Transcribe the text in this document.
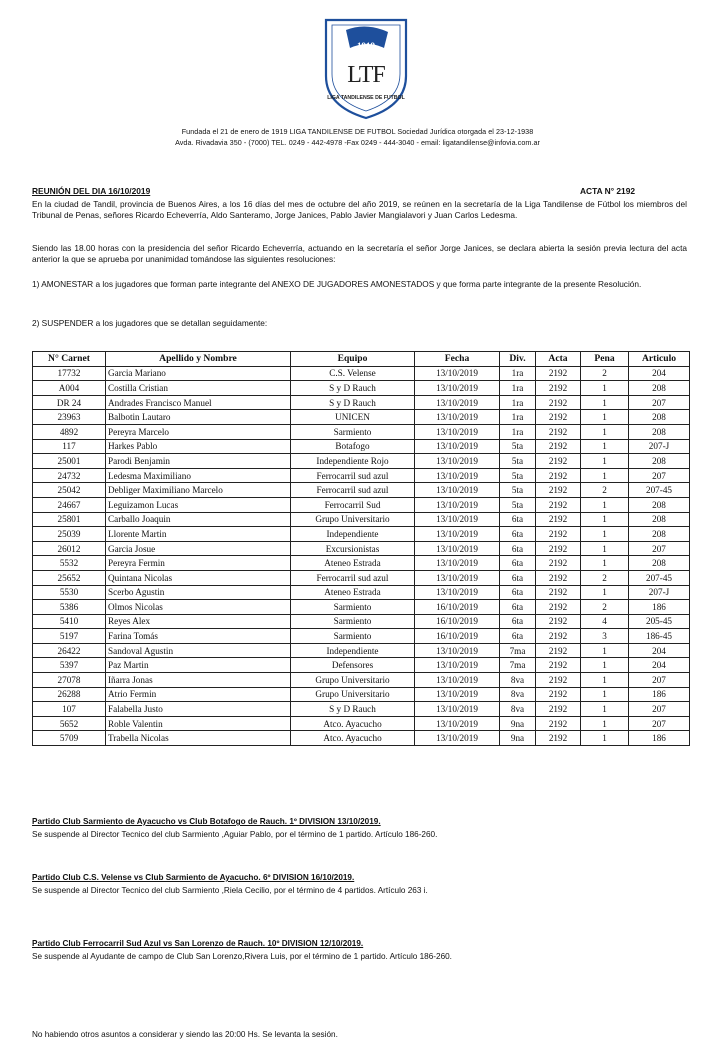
1919
LTF
LIGA TANDILENSE DE FUTBOL
Fundada el 21 de enero de 1919 LIGA TANDILENSE DE FUTBOL Sociedad Jurídica otorgada el 23-12-1938
Avda. Rivadavia 350 - (7000) TEL. 0249 - 442-4978 -Fax 0249 - 444-3040 - email: ligatandilense@infovia.com.ar
REUNIÓN DEL DIA 16/10/2019	ACTA N° 2192
En la ciudad de Tandil, provincia de Buenos Aires, a los 16 días del mes de octubre del año 2019, se reúnen en la secretaría de la Liga Tandilense de Fútbol los miembros del Tribunal de Penas, señores Ricardo Echeverría, Aldo Santeramo, Jorge Janices, Pablo Javier Mangialavori y Juan Carlos Ledesma.
Siendo las 18.00 horas con la presidencia del señor Ricardo Echeverría, actuando en la secretaría el señor Jorge Janices, se declara abierta la sesión previa lectura del acta anterior la que se aprueba por unanimidad tomándose las siguientes resoluciones:
1) AMONESTAR a los jugadores que forman parte integrante del ANEXO DE JUGADORES AMONESTADOS y que forma parte integrante de la presente Resolución.
2) SUSPENDER a los jugadores que se detallan seguidamente:
N° Carnet	Apellido y Nombre	Equipo	Fecha	Div.	Acta	Pena	Articulo
17732	Garcia Mariano	C.S. Velense	13/10/2019	1ra	2192	2	204
A004	Costilla Cristian	S y D Rauch	13/10/2019	1ra	2192	1	208
DR 24	Andrades Francisco Manuel	S y D Rauch	13/10/2019	1ra	2192	1	207
23963	Balbotin Lautaro	UNICEN	13/10/2019	1ra	2192	1	208
4892	Pereyra Marcelo	Sarmiento	13/10/2019	1ra	2192	1	208
117	Harkes Pablo	Botafogo	13/10/2019	5ta	2192	1	207-J
25001	Parodi Benjamin	Independiente Rojo	13/10/2019	5ta	2192	1	208
24732	Ledesma Maximiliano	Ferrocarril sud azul	13/10/2019	5ta	2192	1	207
25042	Debliger Maximiliano Marcelo	Ferrocarril sud azul	13/10/2019	5ta	2192	2	207-45
24667	Leguizamon Lucas	Ferrocarril Sud	13/10/2019	5ta	2192	1	208
25801	Carballo Joaquin	Grupo Universitario	13/10/2019	6ta	2192	1	208
25039	Llorente Martin	Independiente	13/10/2019	6ta	2192	1	208
26012	Garcia Josue	Excursionistas	13/10/2019	6ta	2192	1	207
5532	Pereyra Fermin	Ateneo Estrada	13/10/2019	6ta	2192	1	208
25652	Quintana Nicolas	Ferrocarril sud azul	13/10/2019	6ta	2192	2	207-45
5530	Scerbo Agustin	Ateneo Estrada	13/10/2019	6ta	2192	1	207-J
5386	Olmos Nicolas	Sarmiento	16/10/2019	6ta	2192	2	186
5410	Reyes Alex	Sarmiento	16/10/2019	6ta	2192	4	205-45
5197	Farina Tomás	Sarmiento	16/10/2019	6ta	2192	3	186-45
26422	Sandoval Agustin	Independiente	13/10/2019	7ma	2192	1	204
5397	Paz Martin	Defensores	13/10/2019	7ma	2192	1	204
27078	Iñarra Jonas	Grupo Universitario	13/10/2019	8va	2192	1	207
26288	Atrio Fermin	Grupo Universitario	13/10/2019	8va	2192	1	186
107	Falabella Justo	S y D Rauch	13/10/2019	8va	2192	1	207
5652	Roble Valentin	Atco. Ayacucho	13/10/2019	9na	2192	1	207
5709	Trabella Nicolas	Atco. Ayacucho	13/10/2019	9na	2192	1	186
Partido Club Sarmiento de Ayacucho vs Club Botafogo de Rauch. 1º DIVISION 13/10/2019.
Se suspende al Director Tecnico del club Sarmiento ,Aguiar Pablo, por el término de 1 partido. Artículo 186-260.
Partido Club C.S. Velense vs Club Sarmiento de Ayacucho. 6º DIVISION 16/10/2019.
Se suspende al Director Tecnico del club Sarmiento ,Riela Cecilio, por el término de 4 partidos. Artículo 263 i.
Partido Club Ferrocarril Sud Azul vs San Lorenzo de Rauch. 10º DIVISION 12/10/2019.
Se suspende al Ayudante de campo de Club San Lorenzo,Rivera Luis, por el término de 1 partido. Artículo 186-260.
No habiendo otros asuntos a considerar y siendo las 20:00 Hs. Se levanta la sesión.
